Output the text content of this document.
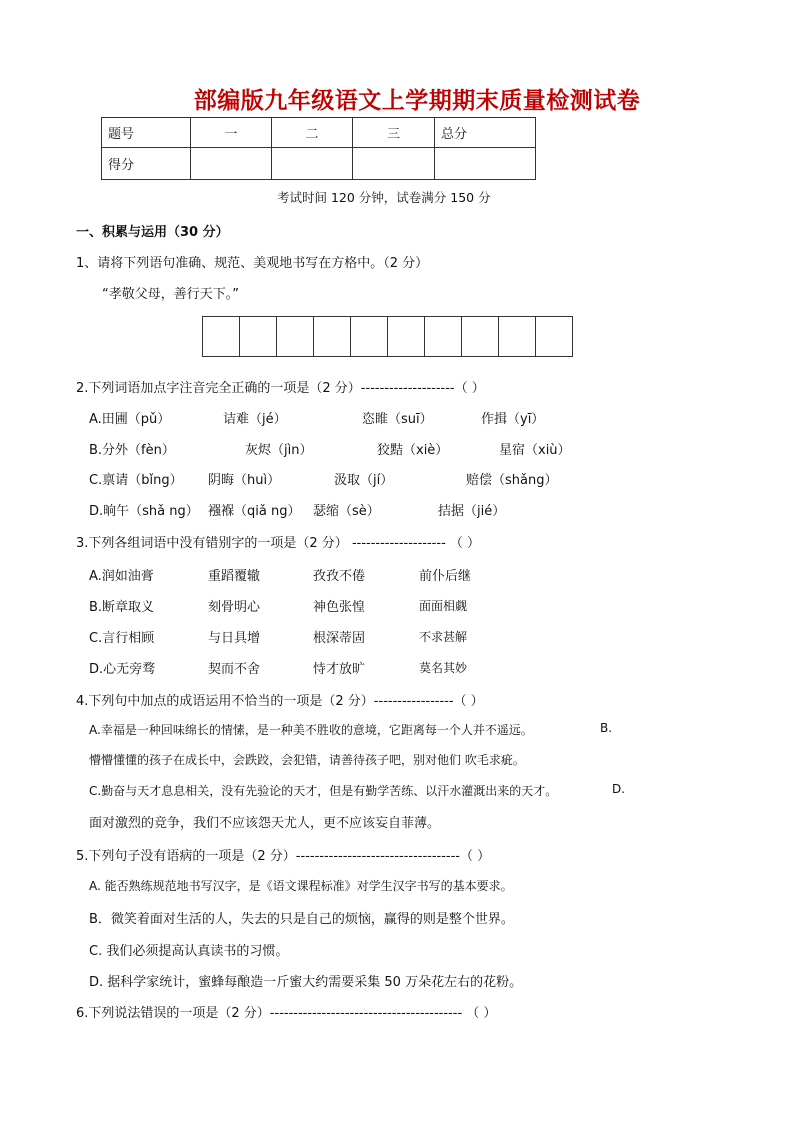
部编版九年级语文上学期期末质量检测试卷
题号	一	二	三	总分
得分				
考试时间 120 分钟，试卷满分 150 分
一、积累与运用（30 分）
1、请将下列语句准确、规范、美观地书写在方格中。（2 分）
“孝敬父母，善行天下。”
2.下列词语加点字注音完全正确的一项是（2 分）--------------------（ ）
A.田圃（pǔ）	诘难（jé）	恣睢（suī）	作揖（yī）
B.分外（fèn）	灰烬（jìn）	狡黠（xiè）	星宿（xiù）
C.禀请（bǐng） 阴晦（huì）	汲取（jí）	赔偿（shǎng）
D.晌午（shǎ ng） 襁褓（qiǎ ng） 瑟缩（sè）	拮据（jié）
3.下列各组词语中没有错别字的一项是（2 分） -------------------- （ ）
A.润如油膏	重蹈覆辙	孜孜不倦	前仆后继
B.断章取义	刻骨明心	神色张惶	面面相觑
C.言行相顾	与日具增	根深蒂固	不求甚解
D.心无旁骛	契而不舍	恃才放旷	莫名其妙
4.下列句中加点的成语运用不恰当的一项是（2 分）-----------------（ ）
A.幸福是一种回味绵长的情愫，是一种美不胜收的意境，它距离每一个人并不遥远。	B.
懵懵懂懂的孩子在成长中，会跌跤，会犯错，请善待孩子吧，别对他们 吹毛求疵。
C.勤奋与天才息息相关，没有先验论的天才，但是有勤学苦练、以汗水灌溉出来的天才。	D.
面对激烈的竞争，我们不应该怨天尤人，更不应该妄自菲薄。
5.下列句子没有语病的一项是（2 分）-----------------------------------（ ）
A. 能否熟练规范地书写汉字，是《语文课程标准》对学生汉字书写的基本要求。
B．微笑着面对生活的人，失去的只是自己的烦恼，赢得的则是整个世界。
C. 我们必须提高认真读书的习惯。
D. 据科学家统计，蜜蜂每酿造一斤蜜大约需要采集 50 万朵花左右的花粉。
6.下列说法错误的一项是（2 分）----------------------------------------- （ ）
